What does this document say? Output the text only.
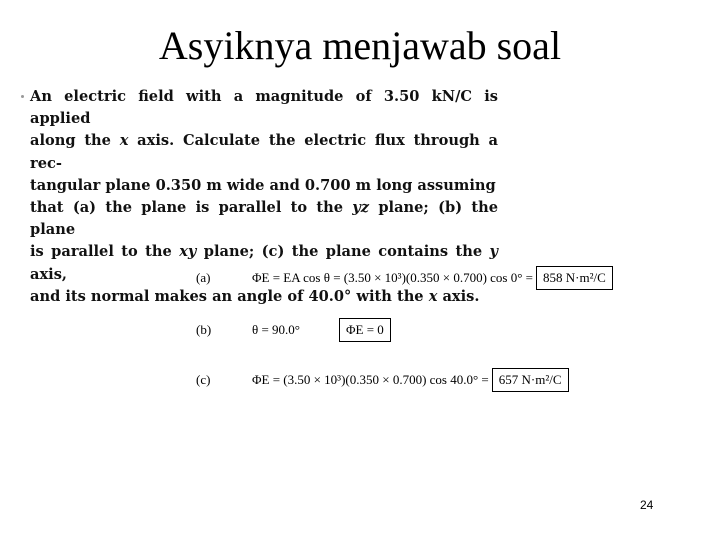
Asyiknya menjawab soal

An electric field with a magnitude of 3.50 kN/C is applied
along the x axis. Calculate the electric flux through a rec-
tangular plane 0.350 m wide and 0.700 m long assuming
that (a) the plane is parallel to the yz plane; (b) the plane
is parallel to the xy plane; (c) the plane contains the y axis,
and its normal makes an angle of 40.0° with the x axis.

(a)	ΦE = EA cos θ = (3.50 × 10³)(0.350 × 0.700) cos 0° = 858 N·m²/C
(b)	θ = 90.0°	ΦE = 0
(c)	ΦE = (3.50 × 10³)(0.350 × 0.700) cos 40.0° = 657 N·m²/C
24
